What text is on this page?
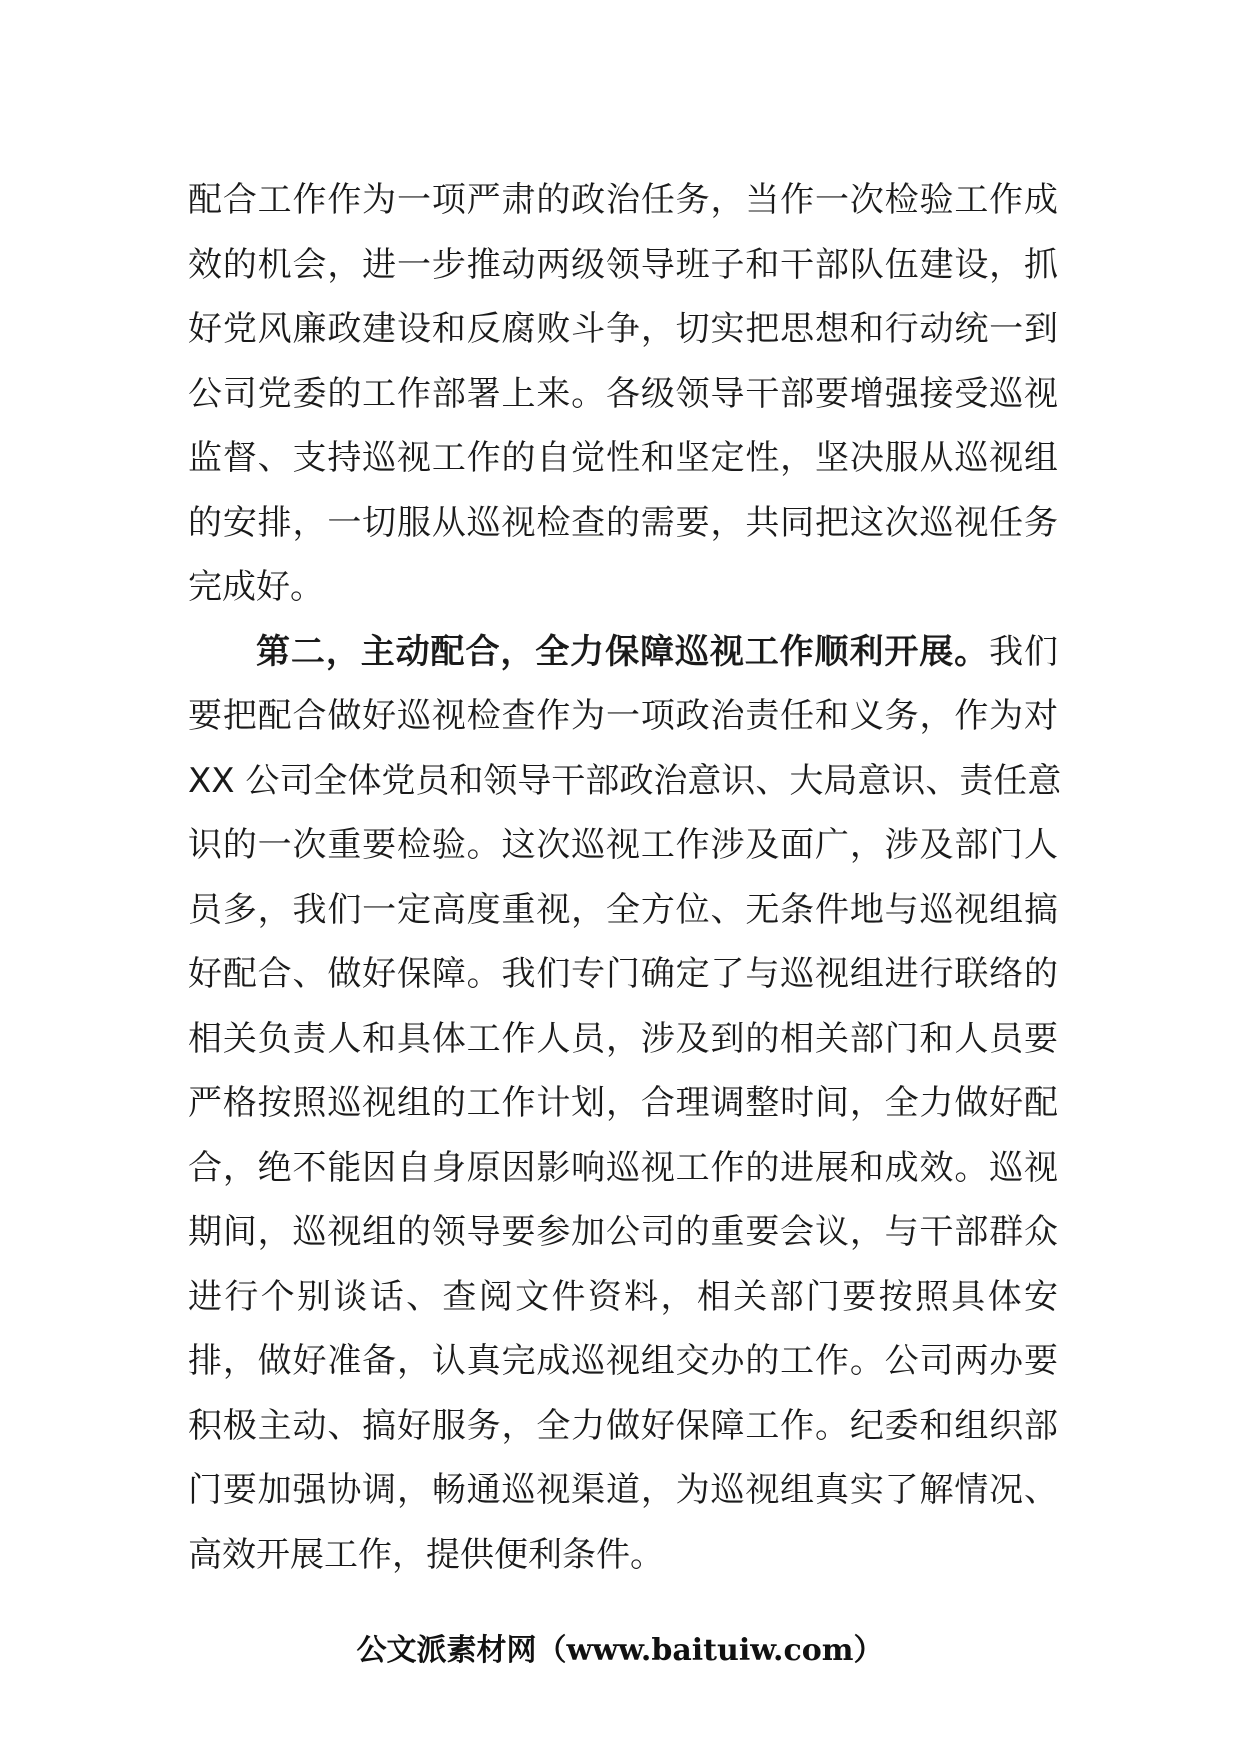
配合工作作为一项严肃的政治任务，当作一次检验工作成
效的机会，进一步推动两级领导班子和干部队伍建设，抓
好党风廉政建设和反腐败斗争，切实把思想和行动统一到
公司党委的工作部署上来。各级领导干部要增强接受巡视
监督、支持巡视工作的自觉性和坚定性，坚决服从巡视组
的安排，一切服从巡视检查的需要，共同把这次巡视任务
完成好。
第二，主动配合，全力保障巡视工作顺利开展。我们
要把配合做好巡视检查作为一项政治责任和义务，作为对
XX 公司全体党员和领导干部政治意识、大局意识、责任意
识的一次重要检验。这次巡视工作涉及面广，涉及部门人
员多，我们一定高度重视，全方位、无条件地与巡视组搞
好配合、做好保障。我们专门确定了与巡视组进行联络的
相关负责人和具体工作人员，涉及到的相关部门和人员要
严格按照巡视组的工作计划，合理调整时间，全力做好配
合，绝不能因自身原因影响巡视工作的进展和成效。巡视
期间，巡视组的领导要参加公司的重要会议，与干部群众
进行个别谈话、查阅文件资料，相关部门要按照具体安
排，做好准备，认真完成巡视组交办的工作。公司两办要
积极主动、搞好服务，全力做好保障工作。纪委和组织部
门要加强协调，畅通巡视渠道，为巡视组真实了解情况、
高效开展工作，提供便利条件。
公文派素材网（www.baituiw.com）
